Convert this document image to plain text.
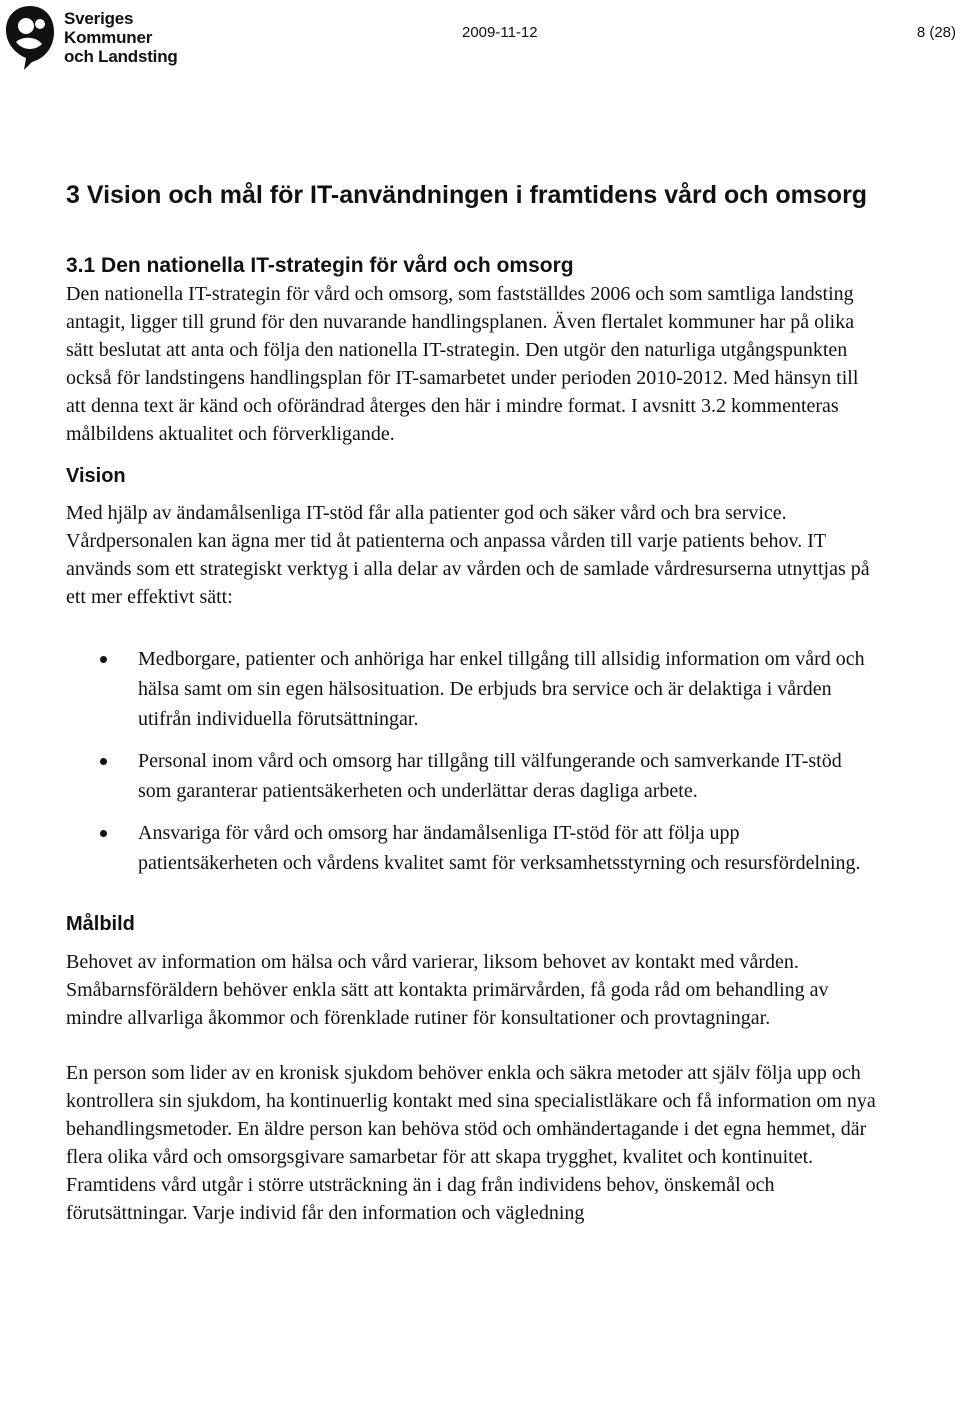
Sveriges
Kommuner
och Landsting
2009-11-12	8 (28)
3 Vision och mål för IT-användningen i framtidens vård och omsorg
3.1 Den nationella IT-strategin för vård och omsorg

Den nationella IT-strategin för vård och omsorg, som fastställdes 2006 och som samtliga landsting antagit, ligger till grund för den nuvarande handlingsplanen. Även flertalet kommuner har på olika sätt beslutat att anta och följa den nationella IT-strategin. Den utgör den naturliga utgångspunkten också för landstingens handlingsplan för IT-samarbetet under perioden 2010-2012. Med hänsyn till att denna text är känd och oförändrad återges den här i mindre format. I avsnitt 3.2 kommenteras målbildens aktualitet och förverkligande.

Vision

Med hjälp av ändamålsenliga IT-stöd får alla patienter god och säker vård och bra service. Vårdpersonalen kan ägna mer tid åt patienterna och anpassa vården till varje patients behov. IT används som ett strategiskt verktyg i alla delar av vården och de samlade vårdresurserna utnyttjas på ett mer effektivt sätt:

Medborgare, patienter och anhöriga har enkel tillgång till allsidig information om vård och hälsa samt om sin egen hälsosituation. De erbjuds bra service och är delaktiga i vården utifrån individuella förutsättningar.
Personal inom vård och omsorg har tillgång till välfungerande och samverkande IT-stöd som garanterar patientsäkerheten och underlättar deras dagliga arbete.
Ansvariga för vård och omsorg har ändamålsenliga IT-stöd för att följa upp patientsäkerheten och vårdens kvalitet samt för verksamhetsstyrning och resursfördelning.
Målbild

Behovet av information om hälsa och vård varierar, liksom behovet av kontakt med vården. Småbarnsföräldern behöver enkla sätt att kontakta primärvården, få goda råd om behandling av mindre allvarliga åkommor och förenklade rutiner för konsultationer och provtagningar.

En person som lider av en kronisk sjukdom behöver enkla och säkra metoder att själv följa upp och kontrollera sin sjukdom, ha kontinuerlig kontakt med sina specialistläkare och få information om nya behandlingsmetoder. En äldre person kan behöva stöd och omhändertagande i det egna hemmet, där flera olika vård och omsorgsgivare samarbetar för att skapa trygghet, kvalitet och kontinuitet. Framtidens vård utgår i större utsträckning än i dag från individens behov, önskemål och förutsättningar. Varje individ får den information och vägledning
